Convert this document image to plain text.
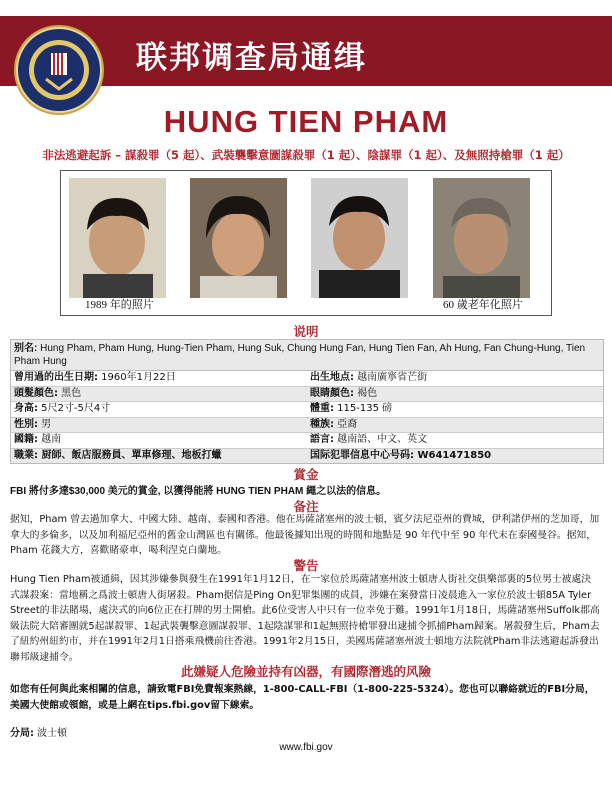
联邦调查局通缉
HUNG TIEN PHAM
非法逃避起訴 – 謀殺罪（5 起）、武裝襲擊意圖謀殺罪（1 起）、陰謀罪（1 起）、及無照持槍罪（1 起）
1989 年的照片	60 歲老年化照片
说明
别名: Hung Pham, Pham Hung, Hung-Tien Pham, Hung Suk, Chung Hung Fan, Hung Tien Fan, Ah Hung, Fan Chung-Hung, Tien Pham Hung
曾用過的出生日期: 1960年1月22日	出生地点: 越南廣寧省芒街
頭髮顏色: 黑色	眼睛顏色: 褐色
身高: 5尺2寸-5尺4寸	體重: 115-135 磅
性別: 男	種族: 亞裔
國籍: 越南	語言: 越南語、中文、英文
職業: 厨師、飯店服務員、單車修理、地板打蠟	国际犯罪信息中心号码: W641471850
賞金
FBI 將付多達$30,000 美元的賞金, 以獲得能將 HUNG TIEN PHAM 繩之以法的信息。
备注
据知，Pham 曾去過加拿大、中國大陸、越南、泰國和香港。他在馬薩諸塞州的波士頓，賓夕法尼亞州的費城，伊利諾伊州的芝加哥，加拿大的多倫多，以及加利福尼亞州的舊金山灣區也有關係。他最後據知出現的時間和地點是 90 年代中至 90 年代末在泰國曼谷。据知，Pham 花錢大方，喜歡賭豪車，喝利涅克白蘭地。
警告
Hung Tien Pham被通緝，因其涉嫌參與發生在1991年1月12日，在一家位於馬薩諸塞州波士頓唐人街社交俱樂部裏的5位男士被處決式謀殺案：當地稱之爲波士頓唐人街屠殺。Pham据信是Ping On犯罪集團的成員，涉嫌在案發當日凌晨進入一家位於波士頓85A Tyler Street的非法賭場，處決式的向6位正在打牌的男士開槍。此6位受害人中只有一位幸免于難。1991年1月18日，馬薩諸塞州Suffolk郡高級法院大陪審團就5起謀殺罪、1起武裝襲擊意圖謀殺罪、1起陰謀罪和1起無照持槍罪發出逮捕令抓捕Pham歸案。屠殺發生后，Pham去了紐約州紐約市，并在1991年2月1日搭乘飛機前往香港。1991年2月15日，美國馬薩諸塞州波士頓地方法院就Pham非法逃避起訴發出聯邦級逮捕令。
此嫌疑人危險並持有凶器，有國際潛逃的风險
如您有任何與此案相關的信息，請致電FBI免費報案熱線，1-800-CALL-FBI（1-800-225-5324）。您也可以聯絡就近的FBI分局，美國大使館或領館，或是上網在tips.fbi.gov留下線索。
分局: 波士頓
www.fbi.gov
